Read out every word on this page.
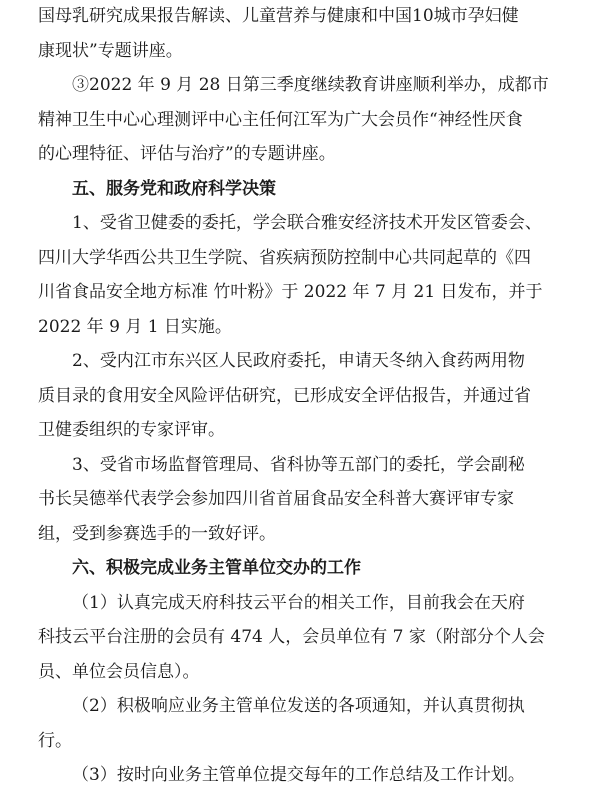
国母乳研究成果报告解读、儿童营养与健康和中国10城市孕妇健
康现状”专题讲座。
③2022 年 9 月 28 日第三季度继续教育讲座顺利举办，成都市
精神卫生中心心理测评中心主任何江军为广大会员作“神经性厌食
的心理特征、评估与治疗”的专题讲座。
五、服务党和政府科学决策
1、受省卫健委的委托，学会联合雅安经济技术开发区管委会、
四川大学华西公共卫生学院、省疾病预防控制中心共同起草的《四
川省食品安全地方标准 竹叶粉》于 2022 年 7 月 21 日发布，并于
2022 年 9 月 1 日实施。
2、受内江市东兴区人民政府委托，申请天冬纳入食药两用物
质目录的食用安全风险评估研究，已形成安全评估报告，并通过省
卫健委组织的专家评审。
3、受省市场监督管理局、省科协等五部门的委托，学会副秘
书长吴德举代表学会参加四川省首届食品安全科普大赛评审专家
组，受到参赛选手的一致好评。
六、积极完成业务主管单位交办的工作
（1）认真完成天府科技云平台的相关工作，目前我会在天府
科技云平台注册的会员有 474 人，会员单位有 7 家（附部分个人会
员、单位会员信息）。
（2）积极响应业务主管单位发送的各项通知，并认真贯彻执
行。
（3）按时向业务主管单位提交每年的工作总结及工作计划。
